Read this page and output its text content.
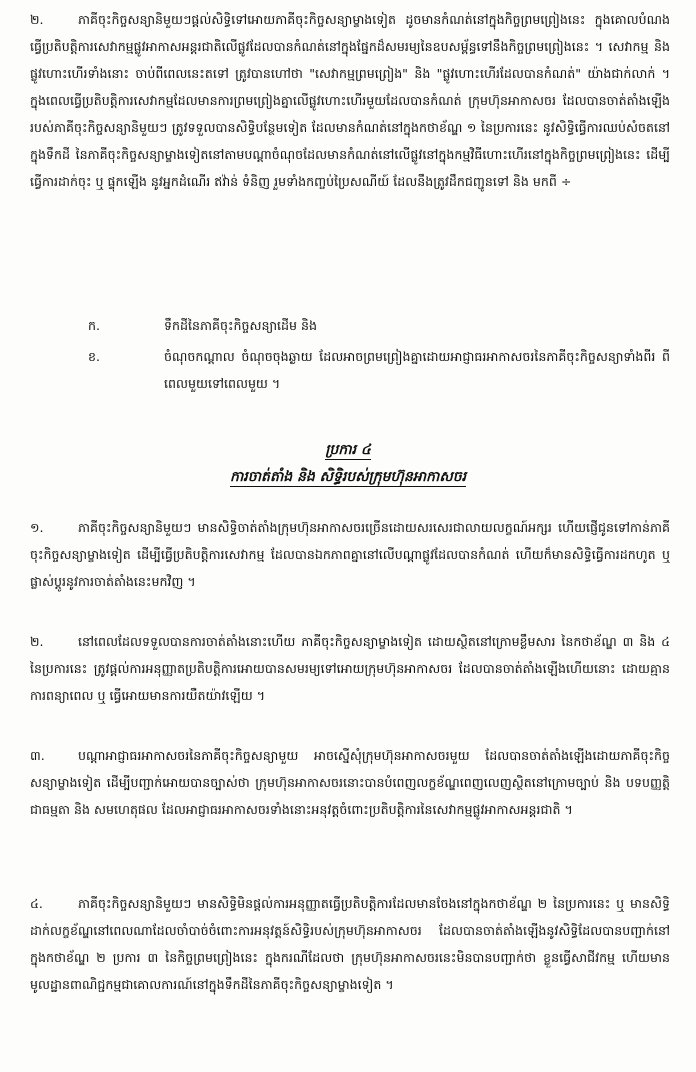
២.	ភាគីចុះកិច្ចសន្យានិមួយៗផ្តល់សិទ្ធិទៅអោយភាគីចុះកិច្ចសន្យាម្ខាងទៀត ដូចមានកំណត់នៅក្នុងកិច្ចព្រមព្រៀងនេះ ក្នុងគោលបំណងធ្វើប្រតិបត្តិការសេវាកម្មផ្លូវអាកាសអន្តរជាតិលើផ្លូវដែលបានកំណត់នៅក្នុងផ្នែកដ៏សមរម្យនៃឧបសម្ព័ន្ធទៅនឹងកិច្ចព្រមព្រៀងនេះ ។ សេវាកម្ម និង ផ្លូវហោះហើរទាំងនោះ ចាប់ពីពេលនេះតទៅ ត្រូវបានហៅថា "សេវាកម្មព្រមព្រៀង" និង "ផ្លូវហោះហើរដែលបានកំណត់" យ៉ាងជាក់លាក់ ។ ក្នុងពេលធ្វើប្រតិបត្តិការសេវាកម្មដែលមានការព្រមព្រៀងគ្នាលើផ្លូវហោះហើរមួយដែលបានកំណត់ ក្រុមហ៊ុនអាកាសចរ ដែលបានចាត់តាំងឡើងរបស់ភាគីចុះកិច្ចសន្យានិមួយៗ ត្រូវទទួលបានសិទ្ធិបន្ថែមទៀត ដែលមានកំណត់នៅក្នុងកថាខ័ណ្ឌ ១ នៃប្រការនេះ នូវសិទ្ធិធ្វើការឈប់សំចតនៅក្នុងទឹកដី នៃភាគីចុះកិច្ចសន្យាម្ខាងទៀតនៅតាមបណ្តាចំណុចដែលមានកំណត់នៅលើផ្លូវនៅក្នុងកម្មវិធីហោះហើរនៅក្នុងកិច្ចព្រមព្រៀងនេះ ដើម្បីធ្វើការដាក់ចុះ ឬ ផ្ទុកឡើង នូវអ្នកដំណើរ ឥវ៉ាន់ ទំនិញ រួមទាំងកញ្ចប់ប្រៃសណីយ៍ ដែលនឹងត្រូវដឹកជញ្ជូនទៅ និង មកពី ÷

ក.	ទឹកដីនៃភាគីចុះកិច្ចសន្យាដើម និង
ខ.	ចំណុចកណ្តាល ចំណុចចុងឆ្ងាយ ដែលអាចព្រមព្រៀងគ្នាដោយអាជ្ញាធរអាកាសចរនៃភាគីចុះកិច្ចសន្យាទាំងពីរ ពីពេលមួយទៅពេលមួយ ។
ប្រការ ៤
ការចាត់តាំង និង សិទ្ធិរបស់ក្រុមហ៊ុនអាកាសចរ

១.	ភាគីចុះកិច្ចសន្យានិមួយៗ មានសិទ្ធិចាត់តាំងក្រុមហ៊ុនអាកាសចរច្រើនដោយសរសេរជាលាយលក្ខណ៍អក្សរ ហើយផ្ញើជូនទៅកាន់ភាគីចុះកិច្ចសន្យាម្ខាងទៀត ដើម្បីធ្វើប្រតិបត្តិការសេវាកម្ម ដែលបានឯកភាពគ្នានៅលើបណ្តាផ្លូវដែលបានកំណត់ ហើយក៏មានសិទ្ធិធ្វើការដកហូត ឬ ផ្លាស់ប្តូរនូវការចាត់តាំងនេះមកវិញ ។

២.	នៅពេលដែលទទួលបានការចាត់តាំងនោះហើយ ភាគីចុះកិច្ចសន្យាម្ខាងទៀត ដោយស្ថិតនៅក្រោមខ្លឹមសារ នៃកថាខ័ណ្ឌ ៣ និង ៤ នៃប្រការនេះ ត្រូវផ្តល់ការអនុញ្ញាតប្រតិបត្តិការអោយបានសមរម្យទៅអោយក្រុមហ៊ុនអាកាសចរ ដែលបានចាត់តាំងឡើងហើយនោះ ដោយគ្មានការពន្យាពេល ឬ ធ្វើអោយមានការយឺតយ៉ាវឡើយ ។

៣.	បណ្តាអាជ្ញាធរអាកាសចរនៃភាគីចុះកិច្ចសន្យាមួយ អាចស្នើសុំក្រុមហ៊ុនអាកាសចរមួយ ដែលបានចាត់តាំងឡើងដោយភាគីចុះកិច្ចសន្យាម្ខាងទៀត ដើម្បីបញ្ជាក់អោយបានច្បាស់ថា ក្រុមហ៊ុនអាកាសចរនោះបានបំពេញលក្ខខ័ណ្ឌពេញលេញស្ថិតនៅក្រោមច្បាប់ និង បទបញ្ញត្តិជាធម្មតា និង សមហេតុផល ដែលអាជ្ញាធរអាកាសចរទាំងនោះអនុវត្តចំពោះប្រតិបត្តិការនៃសេវាកម្មផ្លូវអាកាសអន្តរជាតិ ។

៤.	ភាគីចុះកិច្ចសន្យានិមួយៗ មានសិទ្ធិមិនផ្តល់ការអនុញ្ញាតធ្វើប្រតិបត្តិការដែលមានចែងនៅក្នុងកថាខ័ណ្ឌ ២ នៃប្រការនេះ ឬ មានសិទ្ធិដាក់លក្ខខ័ណ្ឌនៅពេលណាដែលចាំបាច់ចំពោះការអនុវត្តន៍សិទ្ធិរបស់ក្រុមហ៊ុនអាកាសចរ ដែលបានចាត់តាំងឡើងនូវសិទ្ធិដែលបានបញ្ជាក់នៅក្នុងកថាខ័ណ្ឌ ២ ប្រការ ៣ នៃកិច្ចព្រមព្រៀងនេះ ក្នុងករណីដែលថា ក្រុមហ៊ុនអាកាសចរនេះមិនបានបញ្ជាក់ថា ខ្លួនធ្វើសាជីវកម្ម ហើយមានមូលដ្ឋានពាណិជ្ជកម្មជាគោលការណ៍នៅក្នុងទឹកដីនៃភាគីចុះកិច្ចសន្យាម្ខាងទៀត ។
